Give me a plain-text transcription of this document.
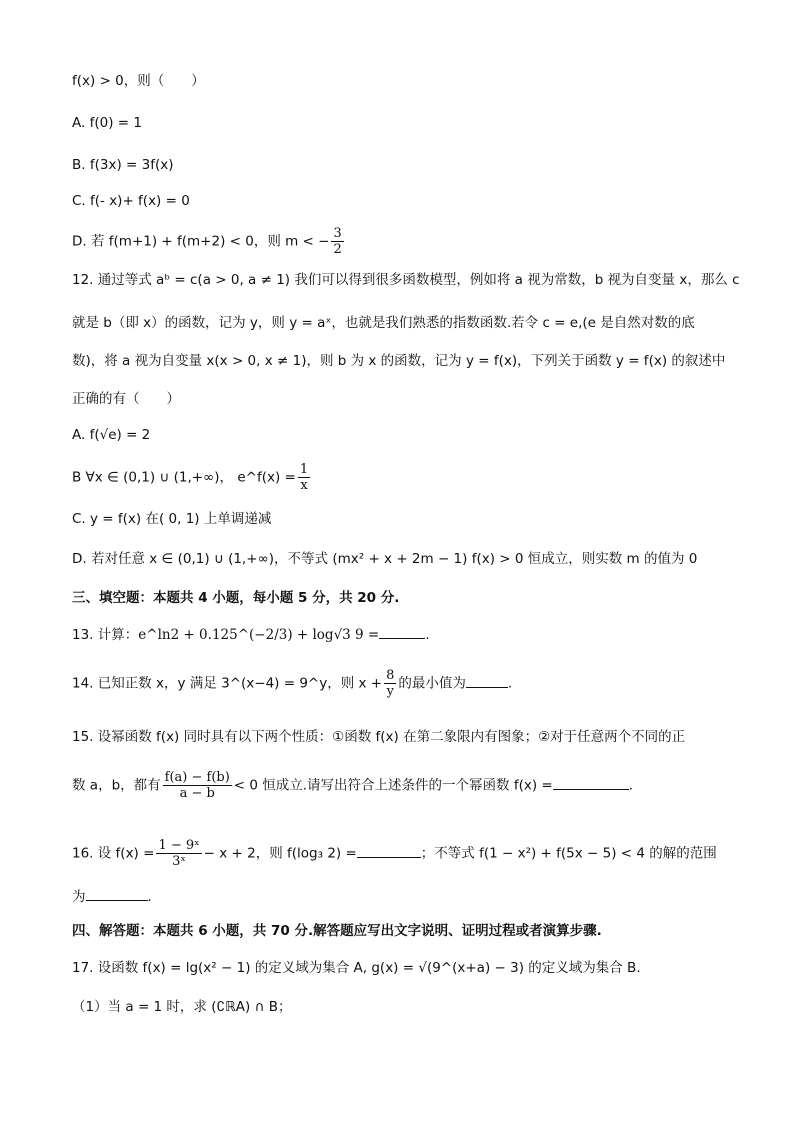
f(x) > 0，则（　　）
A. f(0) = 1
B. f(3x) = 3f(x)
C. f(- x)+ f(x) = 0
D. 若 f(m+1) + f(m+2) < 0，则 m < − $\frac{3}{2}$
12. 通过等式 aᵇ = c(a > 0, a ≠ 1) 我们可以得到很多函数模型，例如将 a 视为常数，b 视为自变量 x，那么 c
就是 b（即 x）的函数，记为 y，则 y = aˣ，也就是我们熟悉的指数函数.若令 c = e,(e 是自然对数的底
数)，将 a 视为自变量 x(x > 0, x ≠ 1)，则 b 为 x 的函数，记为 y = f(x)，下列关于函数 y = f(x) 的叙述中
正确的有（　　）
A. f(√e) = 2
B ∀x ∈ (0,1) ∪ (1,+∞)， e^f(x) = $\frac{1}{x}$
C. y = f(x) 在( 0, 1) 上单调递减
D. 若对任意 x ∈ (0,1) ∪ (1,+∞)，不等式 (mx² + x + 2m − 1) f(x) > 0 恒成立，则实数 m 的值为 0
三、填空题：本题共 4 小题，每小题 5 分，共 20 分.
13. 计算：e^ln2 + 0.125^(−2/3) + log√3 9 =	.
14. 已知正数 x，y 满足 3^(x−4) = 9^y，则 $x + \frac{8}{y}$ 的最小值为	.
15. 设幂函数 f(x) 同时具有以下两个性质：①函数 f(x) 在第二象限内有图象；②对于任意两个不同的正
数 a，b，都有 $\frac{f(a) - f(b)}{a - b} < 0$ 恒成立.请写出符合上述条件的一个幂函数 f(x) =	.
16. 设 $f(x) = \frac{\text{1 − 9ˣ}}{\text{3ˣ}} - x + 2$，则 f(log₃ 2) =	；不等式 f(1 − x²) + f(5x − 5) < 4 的解的范围
为	.
四、解答题：本题共 6 小题，共 70 分.解答题应写出文字说明、证明过程或者演算步骤.
17. 设函数 f(x) = lg(x² − 1) 的定义域为集合 A, g(x) = √(9^(x+a) − 3) 的定义域为集合 B.
（1）当 a = 1 时，求 (∁ℝA) ∩ B；
